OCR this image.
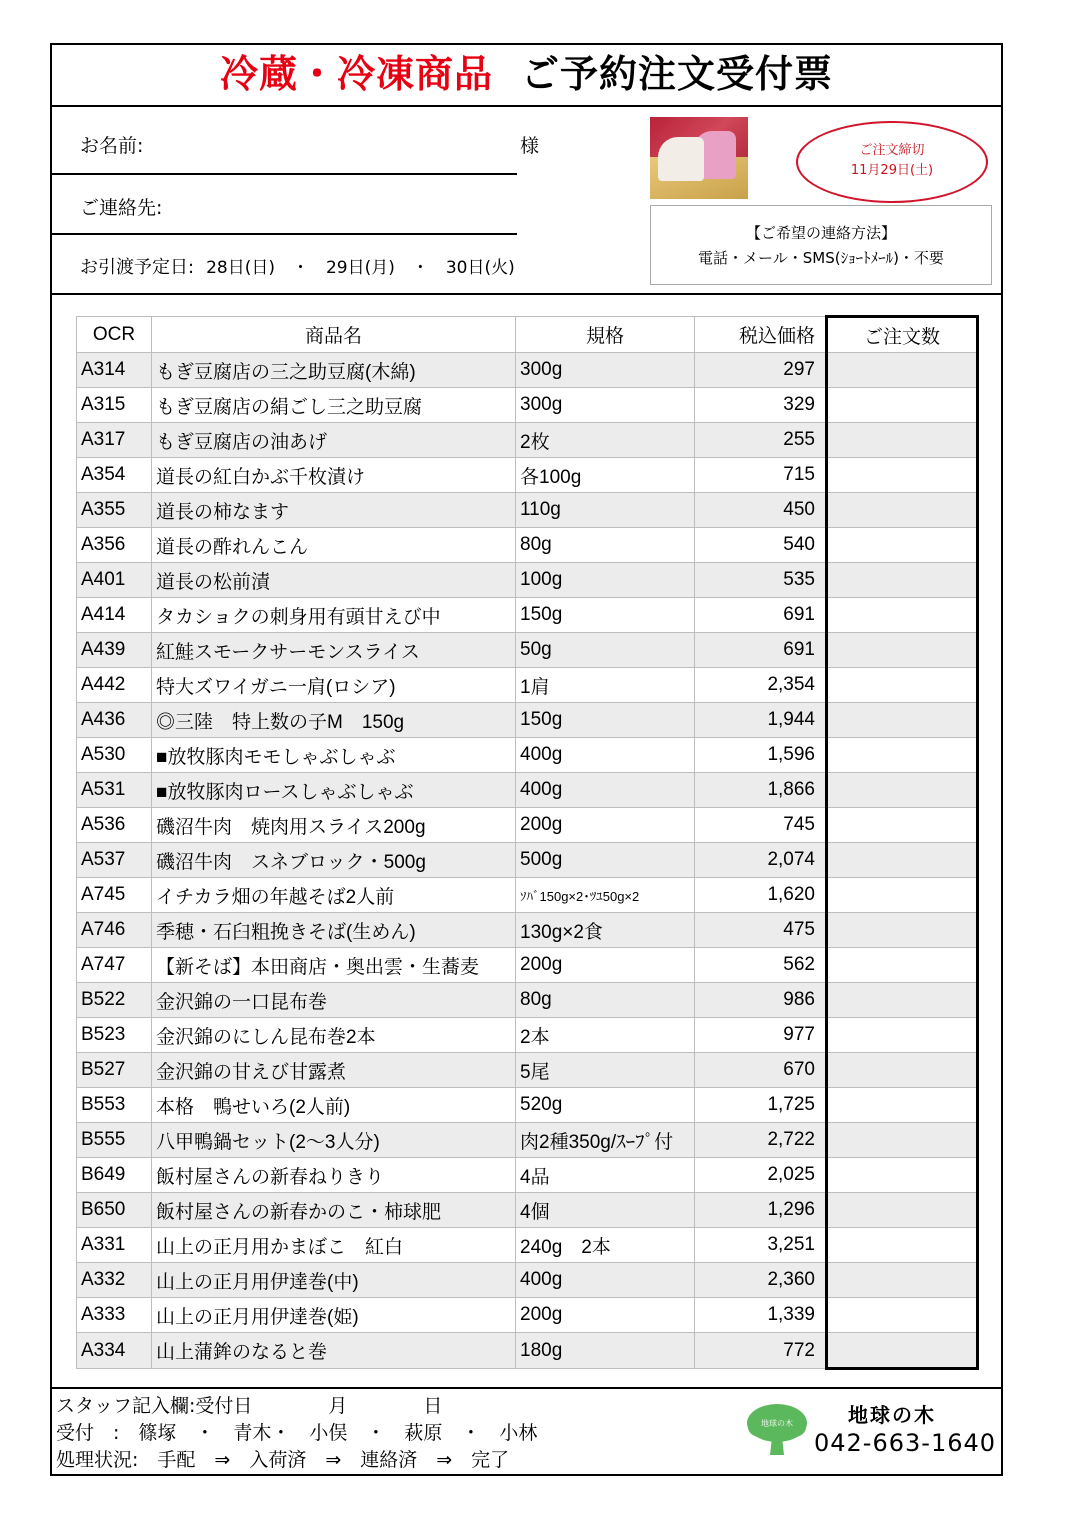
冷蔵・冷凍商品 ご予約注文受付票
お名前:	様
ご連絡先:
ご注文締切
11月29日(土)
【ご希望の連絡方法】
電話・メール・SMS(ｼｮｰﾄﾒｰﾙ)・不要
お引渡予定日: 28日(日)　・　29日(月)　・　30日(火)
OCR	商品名	規格	税込価格	ご注文数
A314	もぎ豆腐店の三之助豆腐(木綿)	300g	297	
A315	もぎ豆腐店の絹ごし三之助豆腐	300g	329	
A317	もぎ豆腐店の油あげ	2枚	255	
A354	道長の紅白かぶ千枚漬け	各100g	715	
A355	道長の柿なます	110g	450	
A356	道長の酢れんこん	80g	540	
A401	道長の松前漬	100g	535	
A414	タカショクの刺身用有頭甘えび中	150g	691	
A439	紅鮭スモークサーモンスライス	50g	691	
A442	特大ズワイガニ一肩(ロシア)	1肩	2,354	
A436	◎三陸　特上数の子M　150g	150g	1,944	
A530	■放牧豚肉モモしゃぶしゃぶ	400g	1,596	
A531	■放牧豚肉ロースしゃぶしゃぶ	400g	1,866	
A536	磯沼牛肉　焼肉用スライス200g	200g	745	
A537	磯沼牛肉　スネブロック・500g	500g	2,074	
A745	イチカラ畑の年越そば2人前	ｿﾊﾞ150g×2･ﾂﾕ50g×2	1,620	
A746	季穂・石臼粗挽きそば(生めん)	130g×2食	475	
A747	【新そば】本田商店・奥出雲・生蕎麦	200g	562	
B522	金沢錦の一口昆布巻	80g	986	
B523	金沢錦のにしん昆布巻2本	2本	977	
B527	金沢錦の甘えび甘露煮	5尾	670	
B553	本格　鴨せいろ(2人前)	520g	1,725	
B555	八甲鴨鍋セット(2～3人分)	肉2種350g/ｽｰﾌﾟ付	2,722	
B649	飯村屋さんの新春ねりきり	4品	2,025	
B650	飯村屋さんの新春かのこ・柿球肥	4個	1,296	
A331	山上の正月用かまぼこ　紅白	240g　2本	3,251	
A332	山上の正月用伊達巻(中)	400g	2,360	
A333	山上の正月用伊達巻(姫)	200g	1,339	
A334	山上蒲鉾のなると巻	180g	772	
スタッフ記入欄:受付日　　　　月　　　　日
受付　:　篠塚　・　青木・　小俣　・　萩原　・　小林
処理状況:　手配　⇒　入荷済　⇒　連絡済　⇒　完了
地球の木	地球の木
042-663-1640
